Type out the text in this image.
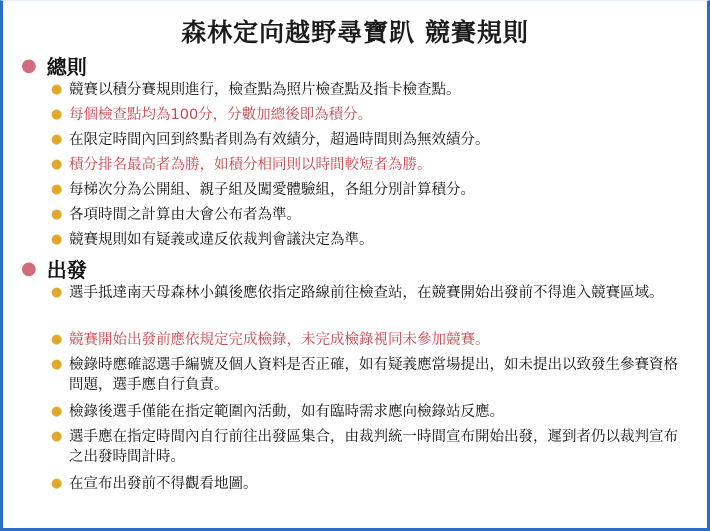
森林定向越野尋寶趴 競賽規則
● 總則
● 競賽以積分賽規則進行，檢查點為照片檢查點及指卡檢查點。
● 每個檢查點均為100分，分數加總後即為積分。
● 在限定時間內回到終點者則為有效績分，超過時間則為無效績分。
● 積分排名最高者為勝，如積分相同則以時間較短者為勝。
● 每梯次分為公開組、親子組及闖愛體驗組，各組分別計算積分。
● 各項時間之計算由大會公布者為準。
● 競賽規則如有疑義或違反依裁判會議決定為準。
● 出發
● 選手抵達南天母森林小鎮後應依指定路線前往檢查站，在競賽開始出發前不得進入競賽區域。
● 競賽開始出發前應依規定完成檢錄，未完成檢錄視同未參加競賽。
● 檢錄時應確認選手編號及個人資料是否正確，如有疑義應當場提出，如未提出以致發生參賽資格問題，選手應自行負責。
● 檢錄後選手僅能在指定範圍內活動，如有臨時需求應向檢錄站反應。
● 選手應在指定時間內自行前往出發區集合，由裁判統一時間宣布開始出發，遲到者仍以裁判宣布之出發時間計時。
● 在宣布出發前不得觀看地圖。
